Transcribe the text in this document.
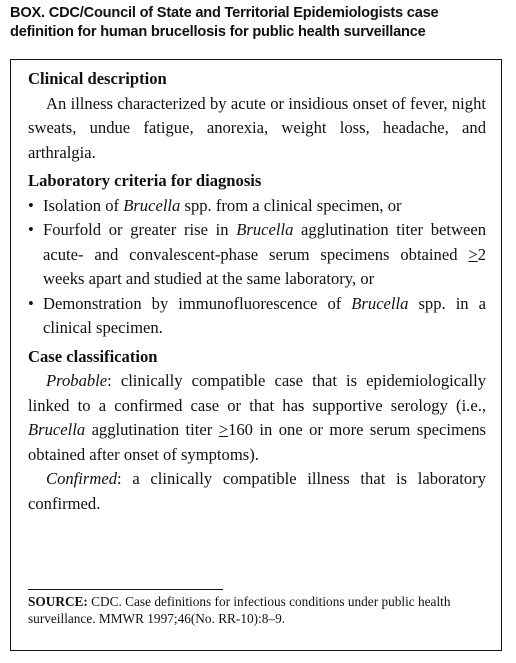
BOX. CDC/Council of State and Territorial Epidemiologists case
definition for human brucellosis for public health surveillance
Clinical description
An illness characterized by acute or insidious onset of fever, night sweats, undue fatigue, anorexia, weight loss, headache, and arthralgia.
Laboratory criteria for diagnosis
• Isolation of Brucella spp. from a clinical specimen, or
• Fourfold or greater rise in Brucella agglutination titer between acute- and convalescent-phase serum specimens obtained >2 weeks apart and studied at the same laboratory, or
• Demonstration by immunofluorescence of Brucella spp. in a clinical specimen.
Case classification
Probable: clinically compatible case that is epidemiologically linked to a confirmed case or that has supportive serology (i.e., Brucella agglutination titer >160 in one or more serum specimens obtained after onset of symptoms).
Confirmed: a clinically compatible illness that is laboratory confirmed.
SOURCE: CDC. Case definitions for infectious conditions under public health surveillance. MMWR 1997;46(No. RR-10):8–9.
